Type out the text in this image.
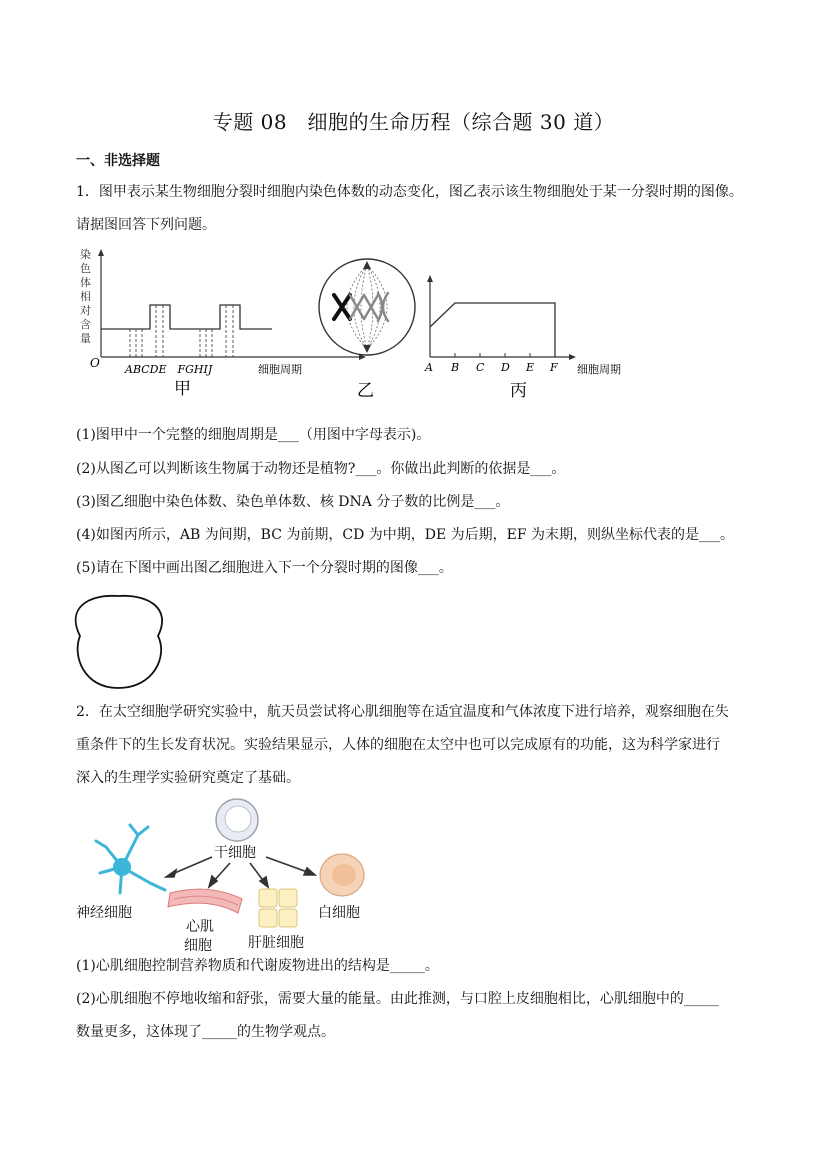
专题 08　细胞的生命历程（综合题 30 道）
一、非选择题
1．图甲表示某生物细胞分裂时细胞内染色体数的动态变化，图乙表示该生物细胞处于某一分裂时期的图像。
请据图回答下列问题。
染
色
体
相
对
含
量
O ABCDE　FGHIJ	细胞周期
甲	乙
A B C D E F 细胞周期
丙
(1)图甲中一个完整的细胞周期是___（用图中字母表示)。
(2)从图乙可以判断该生物属于动物还是植物?___。你做出此判断的依据是___。
(3)图乙细胞中染色体数、染色单体数、核 DNA 分子数的比例是___。
(4)如图丙所示，AB 为间期，BC 为前期，CD 为中期，DE 为后期，EF 为末期，则纵坐标代表的是___。
(5)请在下图中画出图乙细胞进入下一个分裂时期的图像___。
2．在太空细胞学研究实验中，航天员尝试将心肌细胞等在适宜温度和气体浓度下进行培养，观察细胞在失
重条件下的生长发育状况。实验结果显示，人体的细胞在太空中也可以完成原有的功能，这为科学家进行
深入的生理学实验研究奠定了基础。
干细胞
神经细胞
心肌
细胞	肝脏细胞
白细胞
(1)心肌细胞控制营养物质和代谢废物进出的结构是_____。
(2)心肌细胞不停地收缩和舒张，需要大量的能量。由此推测，与口腔上皮细胞相比，心肌细胞中的_____
数量更多，这体现了_____的生物学观点。
